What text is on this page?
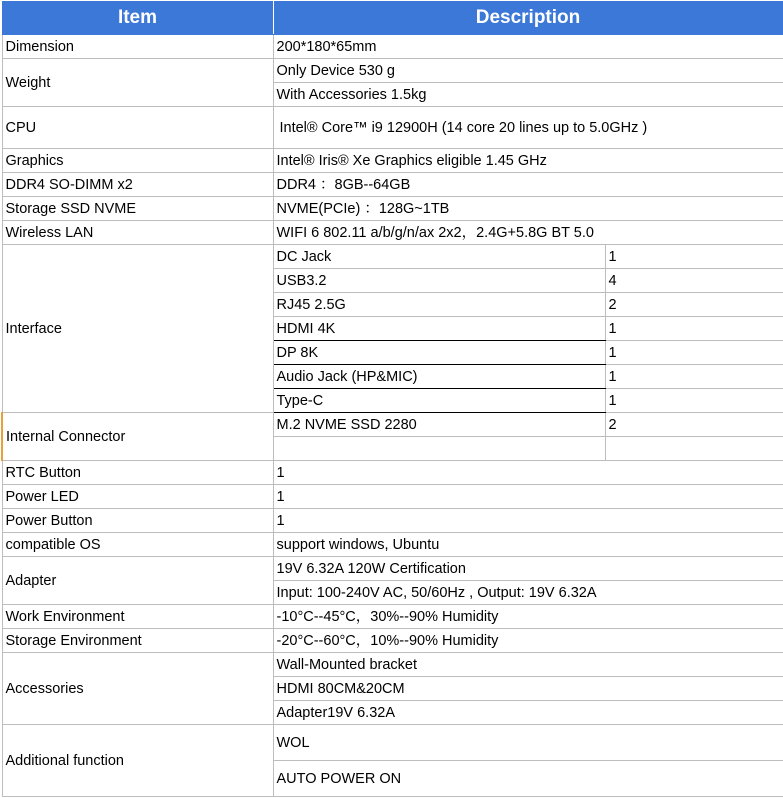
Item	Description	
Dimension	200*180*65mm	
Weight	Only Device 530 g	
	With Accessories 1.5kg	
CPU	Intel® Core™ i9 12900H (14 core 20 lines up to 5.0GHz )	
Graphics	Intel® Iris® Xe Graphics eligible 1.45 GHz	
DDR4 SO-DIMM x2	DDR4 ：8GB--64GB	
Storage SSD NVME	NVME(PCIe) ：128G~1TB	
Wireless LAN	WIFI 6 802.11 a/b/g/n/ax 2x2，2.4G+5.8G BT 5.0	
Interface	DC Jack	1
	USB3.2	4
	RJ45 2.5G	2
	HDMI 4K	1
	DP 8K	1
	Audio Jack (HP&MIC)	1
	Type-C	1
Internal Connector	M.2 NVME SSD 2280	2

RTC Button	1	
Power LED	1	
Power Button	1	
compatible OS	support windows, Ubuntu	
Adapter	19V 6.32A 120W Certification	
	Input: 100-240V AC, 50/60Hz , Output: 19V 6.32A	
Work Environment	-10°C--45°C，30%--90% Humidity	
Storage Environment	-20°C--60°C，10%--90% Humidity	
Accessories	Wall-Mounted bracket	
	HDMI 80CM&20CM	
	Adapter19V 6.32A	
Additional function	WOL	
	AUTO POWER ON	
